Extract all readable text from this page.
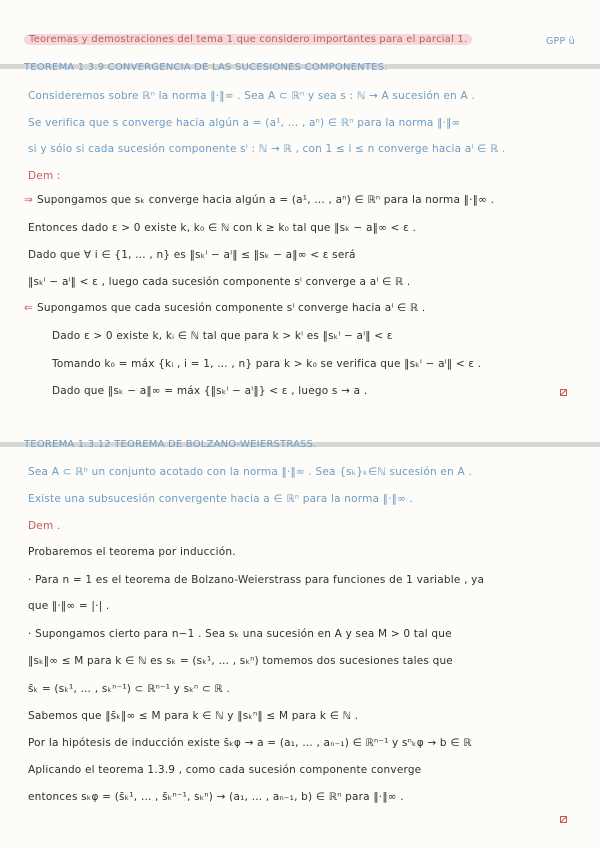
Teoremas y demostraciones del tema 1 que considero importantes para el parcial 1.	GPP ü
TEOREMA 1.3.9 CONVERGENCIA DE LAS SUCESIONES COMPONENTES.
Consideremos sobre ℝⁿ la norma ‖·‖∞ . Sea A ⊂ ℝⁿ y sea s : ℕ → A sucesión en A .
Se verifica que s converge hacia algún a = (a¹, … , aⁿ) ∈ ℝⁿ para la norma ‖·‖∞
si y sólo si cada sucesión componente sⁱ : ℕ → ℝ , con 1 ≤ i ≤ n converge hacia aⁱ ∈ ℝ .
Dem :
⇒ Supongamos que sₖ converge hacia algún a = (a¹, … , aⁿ) ∈ ℝⁿ para la norma ‖·‖∞ .
Entonces dado ε > 0 existe k, k₀ ∈ ℕ con k ≥ k₀ tal que ‖sₖ − a‖∞ < ε .
Dado que ∀ i ∈ {1, … , n} es ‖sₖⁱ − aⁱ‖ ≤ ‖sₖ − a‖∞ < ε será
‖sₖⁱ − aⁱ‖ < ε , luego cada sucesión componente sⁱ converge a aⁱ ∈ ℝ .
⇐ Supongamos que cada sucesión componente sⁱ converge hacia aⁱ ∈ ℝ .
Dado ε > 0 existe k, kᵢ ∈ ℕ tal que para k > kⁱ es ‖sₖⁱ − aⁱ‖ < ε
Tomando k₀ = máx {kᵢ , i = 1, … , n} para k > k₀ se verifica que ‖sₖⁱ − aⁱ‖ < ε .
Dado que ‖sₖ − a‖∞ = máx {‖sₖⁱ − aⁱ‖} < ε , luego s → a .
TEOREMA 1.3.12 TEOREMA DE BOLZANO-WEIERSTRASS.
Sea A ⊂ ℝⁿ un conjunto acotado con la norma ‖·‖∞ . Sea {sₖ}ₖ∈ℕ sucesión en A .
Existe una subsucesión convergente hacia a ∈ ℝⁿ para la norma ‖·‖∞ .
Dem .
Probaremos el teorema por inducción.
· Para n = 1 es el teorema de Bolzano-Weierstrass para funciones de 1 variable , ya
que ‖·‖∞ = |·| .
· Supongamos cierto para n−1 . Sea sₖ una sucesión en A y sea M > 0 tal que
‖sₖ‖∞ ≤ M para k ∈ ℕ es sₖ = (sₖ¹, … , sₖⁿ) tomemos dos sucesiones tales que
s̄ₖ = (sₖ¹, … , sₖⁿ⁻¹) ⊂ ℝⁿ⁻¹ y sₖⁿ ⊂ ℝ .
Sabemos que ‖s̄ₖ‖∞ ≤ M para k ∈ ℕ y ‖sₖⁿ‖ ≤ M para k ∈ ℕ .
Por la hipótesis de inducción existe s̄ₖφ → a = (a₁, … , aₙ₋₁) ∈ ℝⁿ⁻¹ y sⁿₖφ → b ∈ ℝ
Aplicando el teorema 1.3.9 , como cada sucesión componente converge
entonces sₖφ = (s̄ₖ¹, … , s̄ₖⁿ⁻¹, sₖⁿ) → (a₁, … , aₙ₋₁, b) ∈ ℝⁿ para ‖·‖∞ .
